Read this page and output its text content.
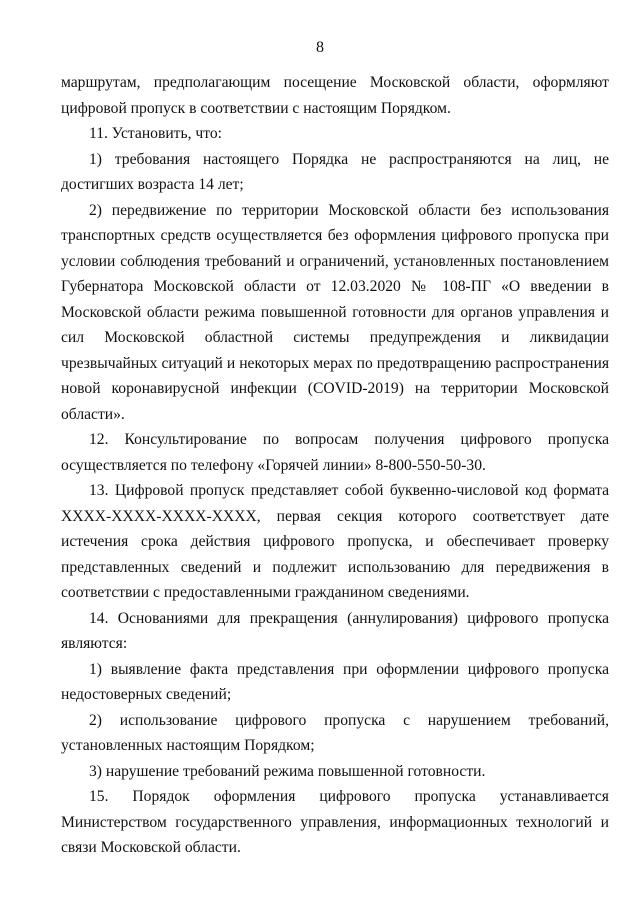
8

маршрутам, предполагающим посещение Московской области, оформляют цифровой пропуск в соответствии с настоящим Порядком.

11. Установить, что:

1) требования настоящего Порядка не распространяются на лиц, не достигших возраста 14 лет;

2) передвижение по территории Московской области без использования транспортных средств осуществляется без оформления цифрового пропуска при условии соблюдения требований и ограничений, установленных постановлением Губернатора Московской области от 12.03.2020 № 108-ПГ «О введении в Московской области режима повышенной готовности для органов управления и сил Московской областной системы предупреждения и ликвидации чрезвычайных ситуаций и некоторых мерах по предотвращению распространения новой коронавирусной инфекции (COVID-2019) на территории Московской области».

12. Консультирование по вопросам получения цифрового пропуска осуществляется по телефону «Горячей линии» 8-800-550-50-30.

13. Цифровой пропуск представляет собой буквенно-числовой код формата XXXX-XXXX-XXXX-XXXX, первая секция которого соответствует дате истечения срока действия цифрового пропуска, и обеспечивает проверку представленных сведений и подлежит использованию для передвижения в соответствии с предоставленными гражданином сведениями.

14. Основаниями для прекращения (аннулирования) цифрового пропуска являются:

1) выявление факта представления при оформлении цифрового пропуска недостоверных сведений;

2) использование цифрового пропуска с нарушением требований, установленных настоящим Порядком;

3) нарушение требований режима повышенной готовности.

15. Порядок оформления цифрового пропуска устанавливается Министерством государственного управления, информационных технологий и связи Московской области.
